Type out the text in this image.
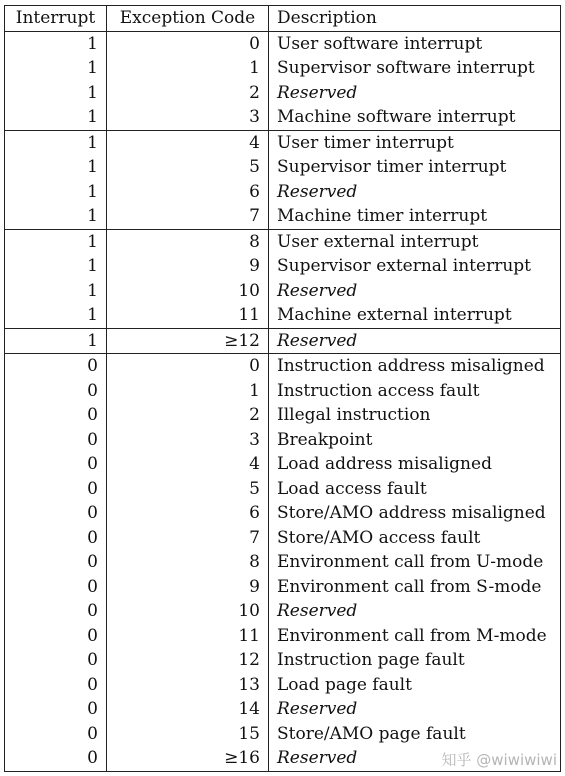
Interrupt	Exception Code	Description
1	0	User software interrupt
1	1	Supervisor software interrupt
1	2	Reserved
1	3	Machine software interrupt
1	4	User timer interrupt
1	5	Supervisor timer interrupt
1	6	Reserved
1	7	Machine timer interrupt
1	8	User external interrupt
1	9	Supervisor external interrupt
1	10	Reserved
1	11	Machine external interrupt
1	≥12	Reserved
0	0	Instruction address misaligned
0	1	Instruction access fault
0	2	Illegal instruction
0	3	Breakpoint
0	4	Load address misaligned
0	5	Load access fault
0	6	Store/AMO address misaligned
0	7	Store/AMO access fault
0	8	Environment call from U-mode
0	9	Environment call from S-mode
0	10	Reserved
0	11	Environment call from M-mode
0	12	Instruction page fault
0	13	Load page fault
0	14	Reserved
0	15	Store/AMO page fault
0	≥16	Reserved	知乎 @wiwiwiwi
